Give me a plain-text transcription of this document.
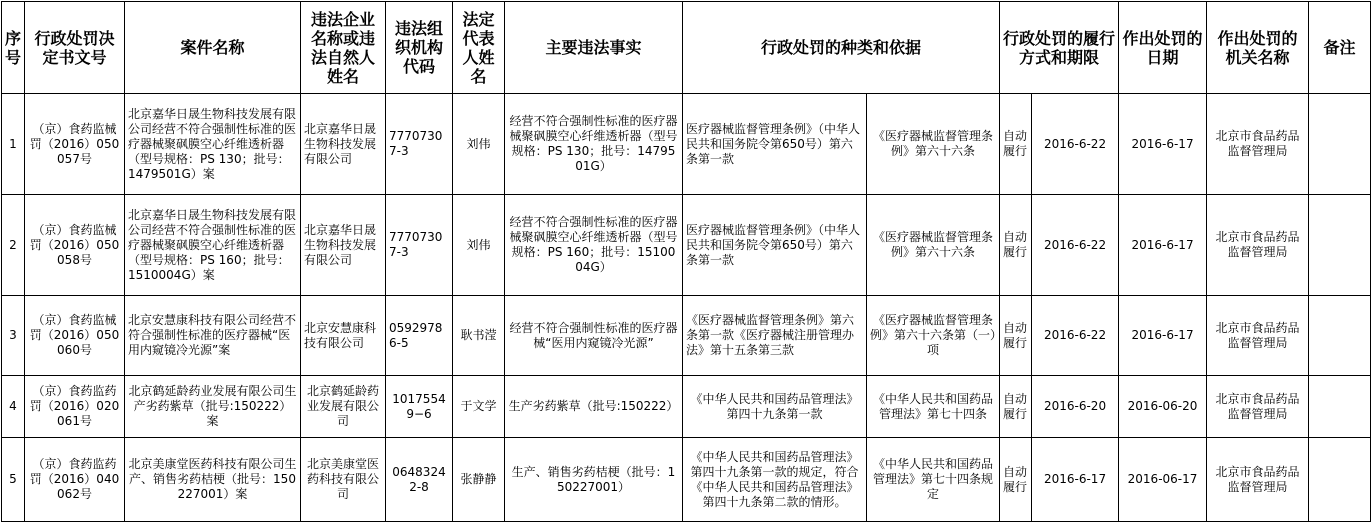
序号	行政处罚决定书文号	案件名称	违法企业名称或违法自然人姓名	违法组织机构代码	法定代表人姓名	主要违法事实	行政处罚的种类和依据		行政处罚的履行方式和期限		作出处罚的日期	作出处罚的机关名称	备注
1	（京）食药监械罚（2016）050057号	北京嘉华日晟生物科技发展有限公司经营不符合强制性标准的医疗器械聚砜膜空心纤维透析器（型号规格：PS 130；批号：1479501G）案	北京嘉华日晟生物科技发展有限公司	77707307-3	刘伟	经营不符合强制性标准的医疗器械聚砜膜空心纤维透析器（型号规格：PS 130；批号：1479501G）	医疗器械监督管理条例》（中华人民共和国务院令第650号）第六条第一款	《医疗器械监督管理条例》第六十六条	自动履行	2016-6-22	2016-6-17	北京市食品药品监督管理局	
2	（京）食药监械罚（2016）050058号	北京嘉华日晟生物科技发展有限公司经营不符合强制性标准的医疗器械聚砜膜空心纤维透析器（型号规格：PS 160；批号：1510004G）案	北京嘉华日晟生物科技发展有限公司	77707307-3	刘伟	经营不符合强制性标准的医疗器械聚砜膜空心纤维透析器（型号规格：PS 160；批号：1510004G）	医疗器械监督管理条例》（中华人民共和国务院令第650号）第六条第一款	《医疗器械监督管理条例》第六十六条	自动履行	2016-6-22	2016-6-17	北京市食品药品监督管理局	
3	（京）食药监械罚（2016）050060号	北京安慧康科技有限公司经营不符合强制性标准的医疗器械“医用内窥镜冷光源”案	北京安慧康科技有限公司	05929786-5	耿书滢	经营不符合强制性标准的医疗器械“医用内窥镜冷光源”	《医疗器械监督管理条例》第六条第一款《医疗器械注册管理办法》第十五条第三款	《医疗器械监督管理条例》第六十六条第（一）项	自动履行	2016-6-22	2016-6-17	北京市食品药品监督管理局	
4	（京）食药监药罚（2016）020061号	北京鹤延龄药业发展有限公司生产劣药紫草（批号:150222）案	北京鹤延龄药业发展有限公司	10175549−6	于文学	生产劣药紫草（批号:150222）	《中华人民共和国药品管理法》第四十九条第一款	《中华人民共和国药品管理法》第七十四条	自动履行	2016-6-20	2016-06-20	北京市食品药品监督管理局	
5	（京）食药监药罚（2016）040062号	北京美康堂医药科技有限公司生产、销售劣药桔梗（批号：150227001）案	北京美康堂医药科技有限公司	06483242-8	张静静	生产、销售劣药桔梗（批号：150227001）	《中华人民共和国药品管理法》第四十九条第一款的规定，符合《中华人民共和国药品管理法》第四十九条第二款的情形。	《中华人民共和国药品管理法》第七十四条规定	自动履行	2016-6-17	2016-06-17	北京市食品药品监督管理局	
